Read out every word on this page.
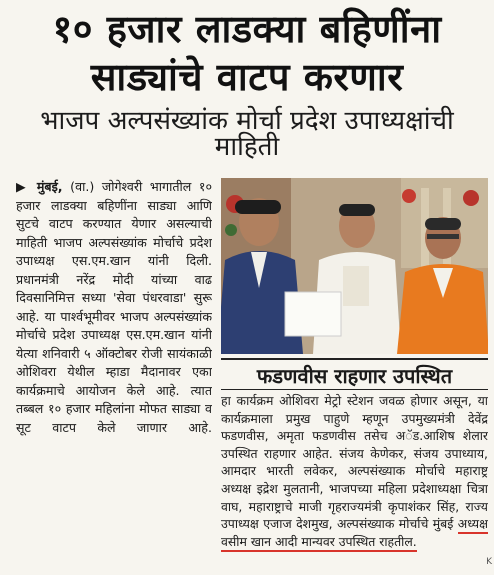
१० हजार लाडक्या बहिणींना
साड्यांचे वाटप करणार
भाजप अल्पसंख्यांक मोर्चा प्रदेश उपाध्यक्षांची माहिती

▶ मुंबई, (वा.) जोगेश्वरी भागातील १० हजार लाडक्या बहिणींना साड्या आणि सुटचे वाटप करण्यात येणार असल्याची माहिती भाजप अल्पसंख्यांक मोर्चाचे प्रदेश उपाध्यक्ष एस.एम.खान यांनी दिली. प्रधानमंत्री नरेंद्र मोदी यांच्या वाढ दिवसानिमित्त सध्या 'सेवा पंधरवाडा' सुरू आहे. या पार्श्वभूमीवर भाजप अल्पसंख्यांक मोर्चाचे प्रदेश उपाध्यक्ष एस.एम.खान यांनी येत्या शनिवारी ५ ऑक्टोबर रोजी सायंकाळी ओशिवरा येथील म्हाडा मैदानावर एका कार्यक्रमाचे आयोजन केले आहे. त्यात तब्बल १० हजार महिलांना मोफत साड्या व सूट वाटप केले जाणार आहे.

फडणवीस राहणार उपस्थित

हा कार्यक्रम ओशिवरा मेट्रो स्टेशन जवळ होणार असून, या कार्यक्रमाला प्रमुख पाहुणे म्हणून उपमुख्यमंत्री देवेंद्र फडणवीस, अमृता फडणवीस तसेच अॅड.आशिष शेलार उपस्थित राहणार आहेत. संजय केणेकर, संजय उपाध्याय, आमदार भारती लवेकर, अल्पसंख्याक मोर्चाचे महाराष्ट्र अध्यक्ष इद्रेश मुलतानी, भाजपच्या महिला प्रदेशाध्यक्षा चित्रा वाघ, महाराष्ट्राचे माजी गृहराज्यमंत्री कृपाशंकर सिंह, राज्य उपाध्यक्ष एजाज देशमुख, अल्पसंख्याक मोर्चाचे मुंबई अध्यक्ष वसीम खान आदी मान्यवर उपस्थित राहतील.

K
